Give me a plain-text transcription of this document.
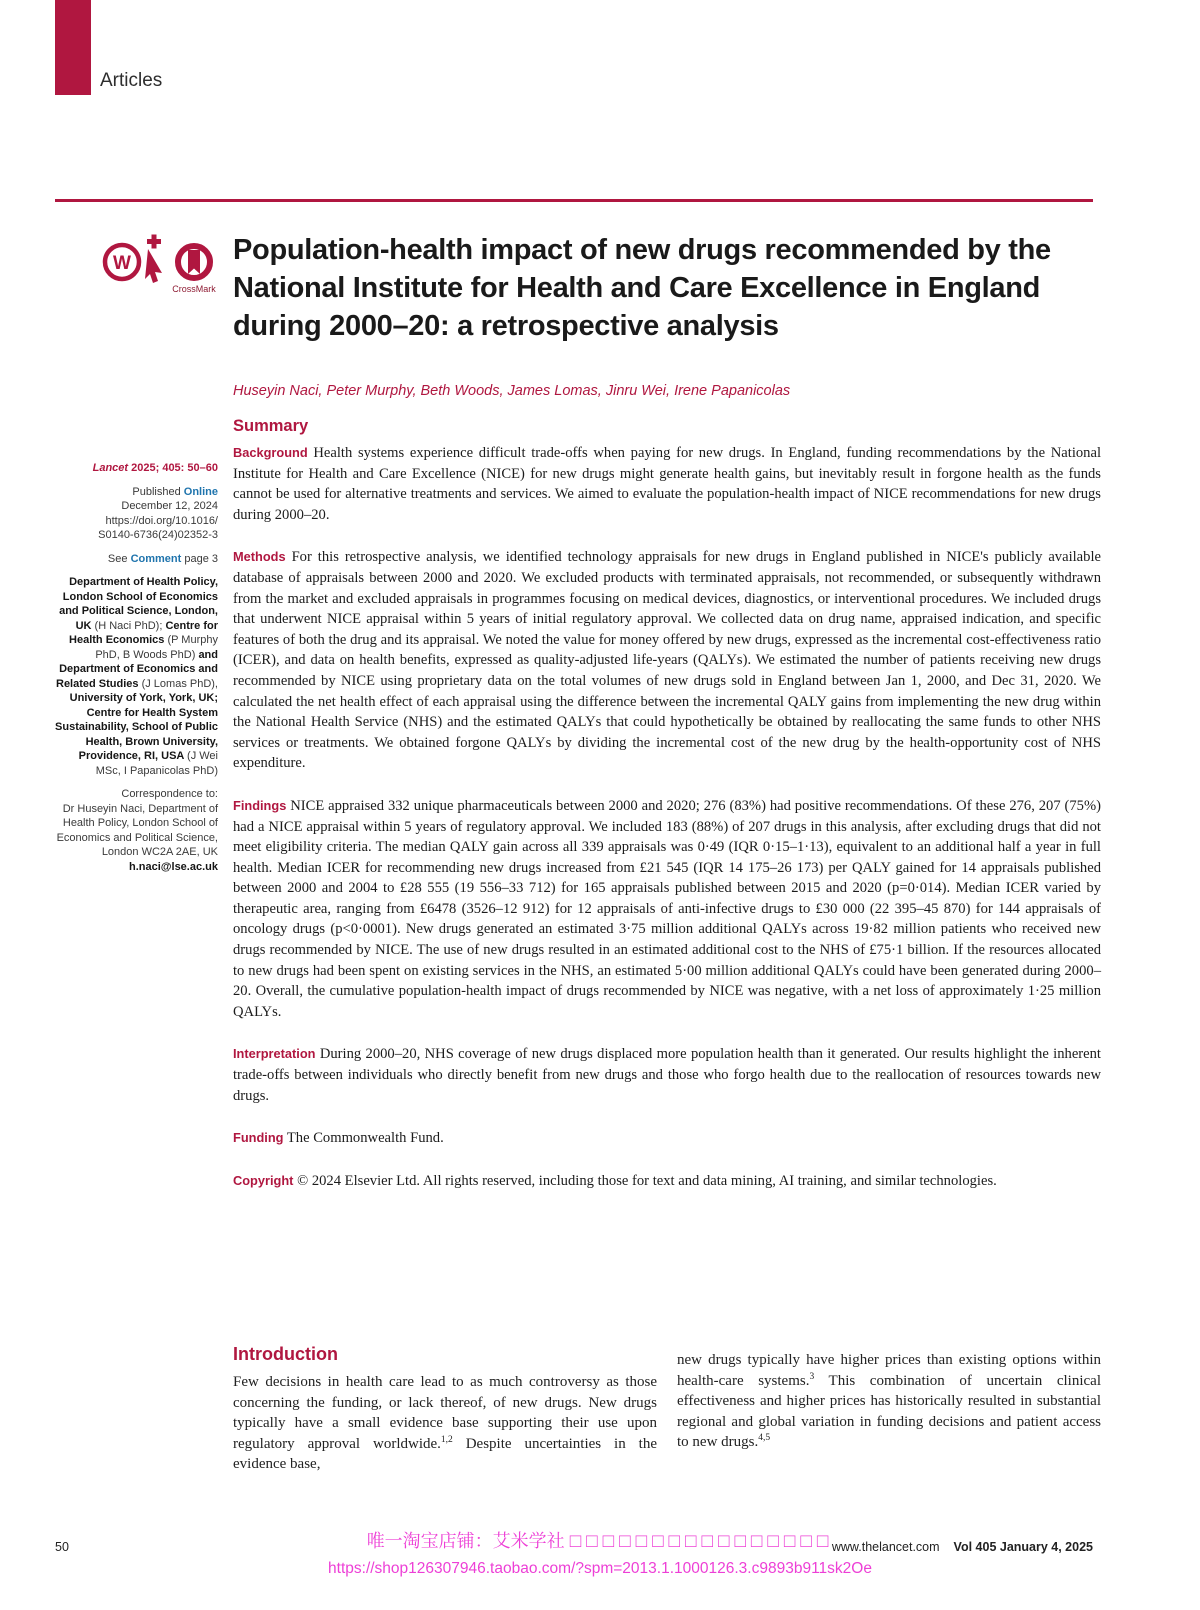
Articles
W
CrossMark
Population-health impact of new drugs recommended by the National Institute for Health and Care Excellence in England during 2000–20: a retrospective analysis
Huseyin Naci, Peter Murphy, Beth Woods, James Lomas, Jinru Wei, Irene Papanicolas
Lancet 2025; 405: 50–60
Published Online
December 12, 2024
https://doi.org/10.1016/
S0140-6736(24)02352-3
See Comment page 3
Department of Health Policy, London School of Economics and Political Science, London, UK (H Naci PhD); Centre for Health Economics (P Murphy PhD, B Woods PhD) and Department of Economics and Related Studies (J Lomas PhD), University of York, York, UK; Centre for Health System Sustainability, School of Public Health, Brown University, Providence, RI, USA (J Wei MSc, I Papanicolas PhD)
Correspondence to:
Dr Huseyin Naci, Department of Health Policy, London School of Economics and Political Science, London WC2A 2AE, UK
h.naci@lse.ac.uk
Summary

Background Health systems experience difficult trade-offs when paying for new drugs. In England, funding recommendations by the National Institute for Health and Care Excellence (NICE) for new drugs might generate health gains, but inevitably result in forgone health as the funds cannot be used for alternative treatments and services. We aimed to evaluate the population-health impact of NICE recommendations for new drugs during 2000–20.

Methods For this retrospective analysis, we identified technology appraisals for new drugs in England published in NICE's publicly available database of appraisals between 2000 and 2020. We excluded products with terminated appraisals, not recommended, or subsequently withdrawn from the market and excluded appraisals in programmes focusing on medical devices, diagnostics, or interventional procedures. We included drugs that underwent NICE appraisal within 5 years of initial regulatory approval. We collected data on drug name, appraised indication, and specific features of both the drug and its appraisal. We noted the value for money offered by new drugs, expressed as the incremental cost-effectiveness ratio (ICER), and data on health benefits, expressed as quality-adjusted life-years (QALYs). We estimated the number of patients receiving new drugs recommended by NICE using proprietary data on the total volumes of new drugs sold in England between Jan 1, 2000, and Dec 31, 2020. We calculated the net health effect of each appraisal using the difference between the incremental QALY gains from implementing the new drug within the National Health Service (NHS) and the estimated QALYs that could hypothetically be obtained by reallocating the same funds to other NHS services or treatments. We obtained forgone QALYs by dividing the incremental cost of the new drug by the health-opportunity cost of NHS expenditure.

Findings NICE appraised 332 unique pharmaceuticals between 2000 and 2020; 276 (83%) had positive recommendations. Of these 276, 207 (75%) had a NICE appraisal within 5 years of regulatory approval. We included 183 (88%) of 207 drugs in this analysis, after excluding drugs that did not meet eligibility criteria. The median QALY gain across all 339 appraisals was 0·49 (IQR 0·15–1·13), equivalent to an additional half a year in full health. Median ICER for recommending new drugs increased from £21 545 (IQR 14 175–26 173) per QALY gained for 14 appraisals published between 2000 and 2004 to £28 555 (19 556–33 712) for 165 appraisals published between 2015 and 2020 (p=0·014). Median ICER varied by therapeutic area, ranging from £6478 (3526–12 912) for 12 appraisals of anti-infective drugs to £30 000 (22 395–45 870) for 144 appraisals of oncology drugs (p<0·0001). New drugs generated an estimated 3·75 million additional QALYs across 19·82 million patients who received new drugs recommended by NICE. The use of new drugs resulted in an estimated additional cost to the NHS of £75·1 billion. If the resources allocated to new drugs had been spent on existing services in the NHS, an estimated 5·00 million additional QALYs could have been generated during 2000–20. Overall, the cumulative population-health impact of drugs recommended by NICE was negative, with a net loss of approximately 1·25 million QALYs.

Interpretation During 2000–20, NHS coverage of new drugs displaced more population health than it generated. Our results highlight the inherent trade-offs between individuals who directly benefit from new drugs and those who forgo health due to the reallocation of resources towards new drugs.

Funding The Commonwealth Fund.

Copyright © 2024 Elsevier Ltd. All rights reserved, including those for text and data mining, AI training, and similar technologies.

Introduction

Few decisions in health care lead to as much controversy as those concerning the funding, or lack thereof, of new drugs. New drugs typically have a small evidence base supporting their use upon regulatory approval worldwide.$^{1,2}$ Despite uncertainties in the evidence base,

new drugs typically have higher prices than existing options within health-care systems.$^3$ This combination of uncertain clinical effectiveness and higher prices has historically resulted in substantial regional and global variation in funding decisions and patient access to new drugs.$^{4,5}$

唯一淘宝店铺：艾米学社 □□□□□□□□□□□□□□□□
https://shop126307946.taobao.com/?spm=2013.1.1000126.3.c9893b911sk2Oe
50	www.thelancet.com Vol 405 January 4, 2025
